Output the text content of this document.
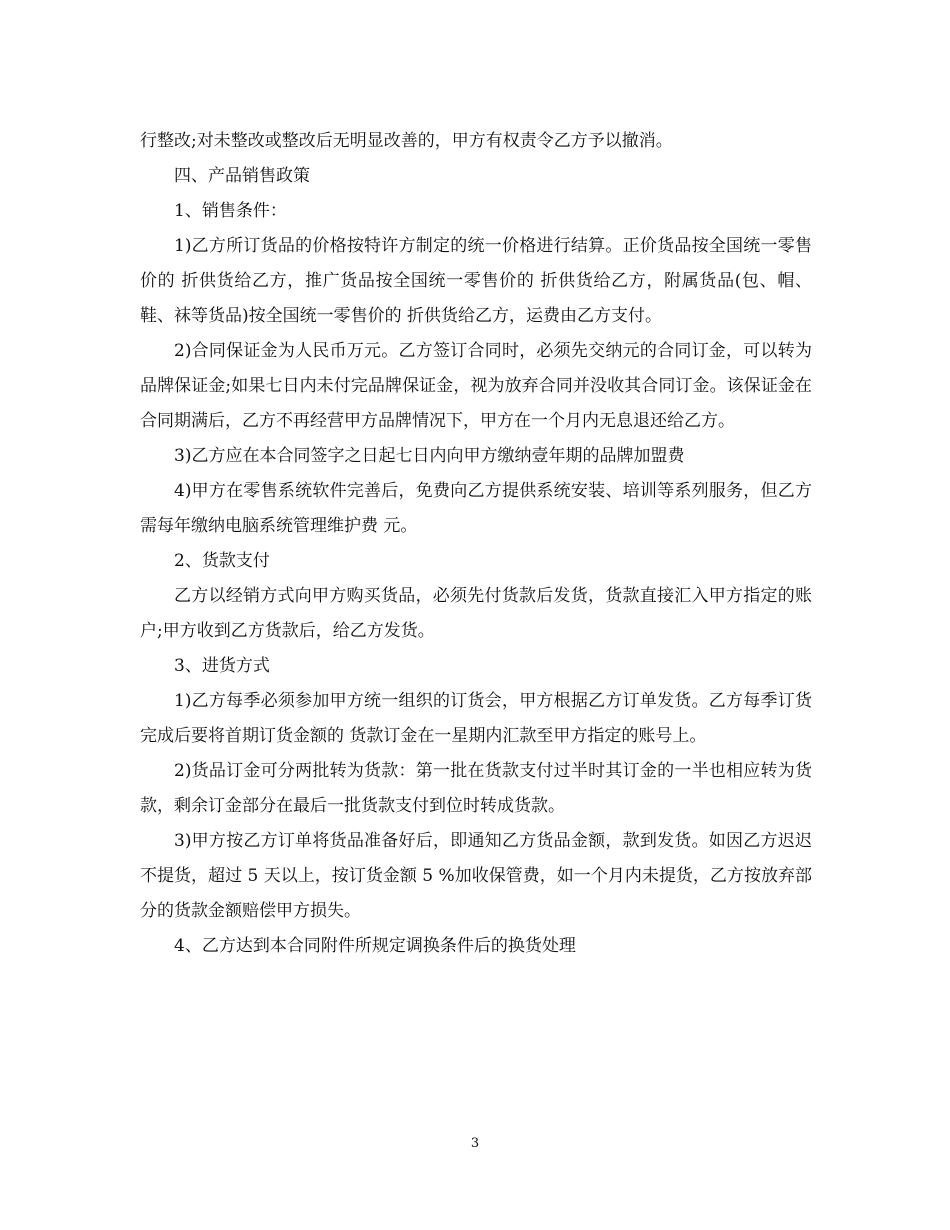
行整改;对未整改或整改后无明显改善的，甲方有权责令乙方予以撤消。

四、产品销售政策

1、销售条件：

1)乙方所订货品的价格按特许方制定的统一价格进行结算。正价货品按全国统一零售价的 折供货给乙方，推广货品按全国统一零售价的 折供货给乙方，附属货品(包、帽、鞋、袜等货品)按全国统一零售价的 折供货给乙方，运费由乙方支付。

2)合同保证金为人民币万元。乙方签订合同时，必须先交纳元的合同订金，可以转为品牌保证金;如果七日内未付完品牌保证金，视为放弃合同并没收其合同订金。该保证金在合同期满后，乙方不再经营甲方品牌情况下，甲方在一个月内无息退还给乙方。

3)乙方应在本合同签字之日起七日内向甲方缴纳壹年期的品牌加盟费

4)甲方在零售系统软件完善后，免费向乙方提供系统安装、培训等系列服务，但乙方需每年缴纳电脑系统管理维护费 元。

2、货款支付

乙方以经销方式向甲方购买货品，必须先付货款后发货，货款直接汇入甲方指定的账户;甲方收到乙方货款后，给乙方发货。

3、进货方式

1)乙方每季必须参加甲方统一组织的订货会，甲方根据乙方订单发货。乙方每季订货完成后要将首期订货金额的 货款订金在一星期内汇款至甲方指定的账号上。

2)货品订金可分两批转为货款：第一批在货款支付过半时其订金的一半也相应转为货款，剩余订金部分在最后一批货款支付到位时转成货款。

3)甲方按乙方订单将货品准备好后，即通知乙方货品金额，款到发货。如因乙方迟迟不提货，超过 5 天以上，按订货金额 5 %加收保管费，如一个月内未提货，乙方按放弃部分的货款金额赔偿甲方损失。

4、乙方达到本合同附件所规定调换条件后的换货处理

3
